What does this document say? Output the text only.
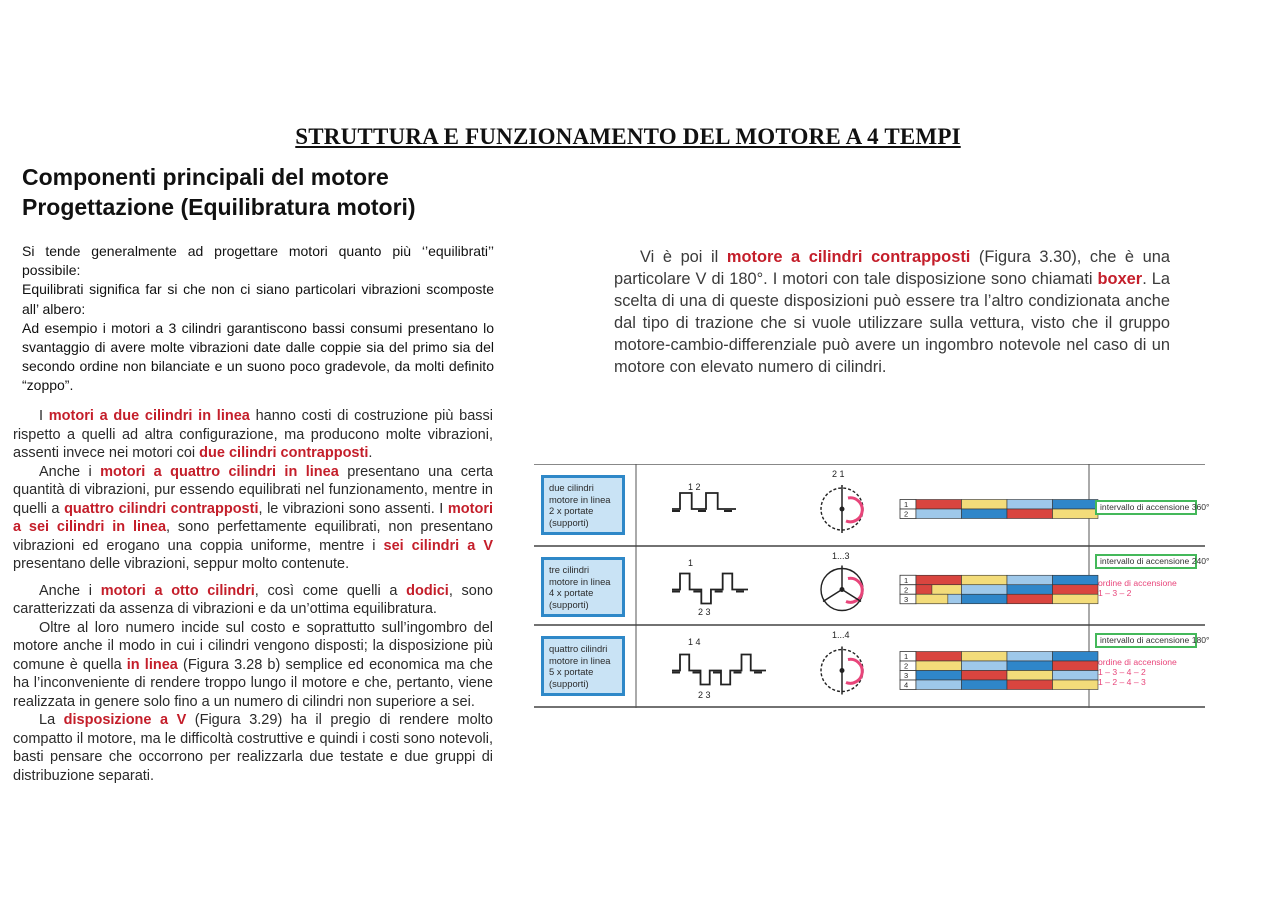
STRUTTURA E FUNZIONAMENTO DEL MOTORE A 4 TEMPI
Componenti principali del motore
Progettazione (Equilibratura motori)

Si tende generalmente ad progettare motori quanto più ‘’equilibrati’’ possibile:

Equilibrati significa far si che non ci siano particolari vibrazioni scomposte all’ albero:

Ad esempio i motori a 3 cilindri garantiscono bassi consumi presentano lo svantaggio di avere molte vibrazioni date dalle coppie sia del primo sia del secondo ordine non bilanciate e un suono poco gradevole, da molti definito “zoppo”.

I motori a due cilindri in linea hanno costi di costruzione più bassi rispetto a quelli ad altra configurazione, ma producono molte vibrazioni, assenti invece nei motori coi due cilindri contrapposti.

Anche i motori a quattro cilindri in linea presentano una certa quantità di vibrazioni, pur essendo equilibrati nel funzionamento, mentre in quelli a quattro cilindri contrapposti, le vibrazioni sono assenti. I motori a sei cilindri in linea, sono perfettamente equilibrati, non presentano vibrazioni ed erogano una coppia uniforme, mentre i sei cilindri a V presentano delle vibrazioni, seppur molto contenute.

Anche i motori a otto cilindri, così come quelli a dodici, sono caratterizzati da assenza di vibrazioni e da un’ottima equilibratura.

Oltre al loro numero incide sul costo e soprattutto sull’ingombro del motore anche il modo in cui i cilindri vengono disposti; la disposizione più comune è quella in linea (Figura 3.28 b) semplice ed economica ma che ha l’inconveniente di rendere troppo lungo il motore e che, pertanto, viene realizzata in genere solo fino a un numero di cilindri non superiore a sei.

La disposizione a V (Figura 3.29) ha il pregio di rendere molto compatto il motore, ma le difficoltà costruttive e quindi i costi sono notevoli, basti pensare che occorrono per realizzarla due testate e due gruppi di distribuzione separati.

Vi è poi il motore a cilindri contrapposti (Figura 3.30), che è una particolare V di 180°. I motori con tale disposizione sono chiamati boxer. La scelta di una di queste disposizioni può essere tra l’altro condizionata anche dal tipo di trazione che si vuole utilizzare sulla vettura, visto che il gruppo motore-cambio-differenziale può avere un ingombro notevole nel caso di un motore con elevato numero di cilindri.

1 2
2 1
1
2
1
2 3
1...3
1
2
3
1 4
2 3
1...4
1
2
3
4
due cilindri
motore in linea
2 x portate
(supporti)
intervallo di accensione 360°
tre cilindri
motore in linea
4 x portate
(supporti)
intervallo di accensione 240°
ordine di accensione
1 – 3 – 2
quattro cilindri
motore in linea
5 x portate
(supporti)
intervallo di accensione 180°
ordine di accensione
1 – 3 – 4 – 2
1 – 2 – 4 – 3
